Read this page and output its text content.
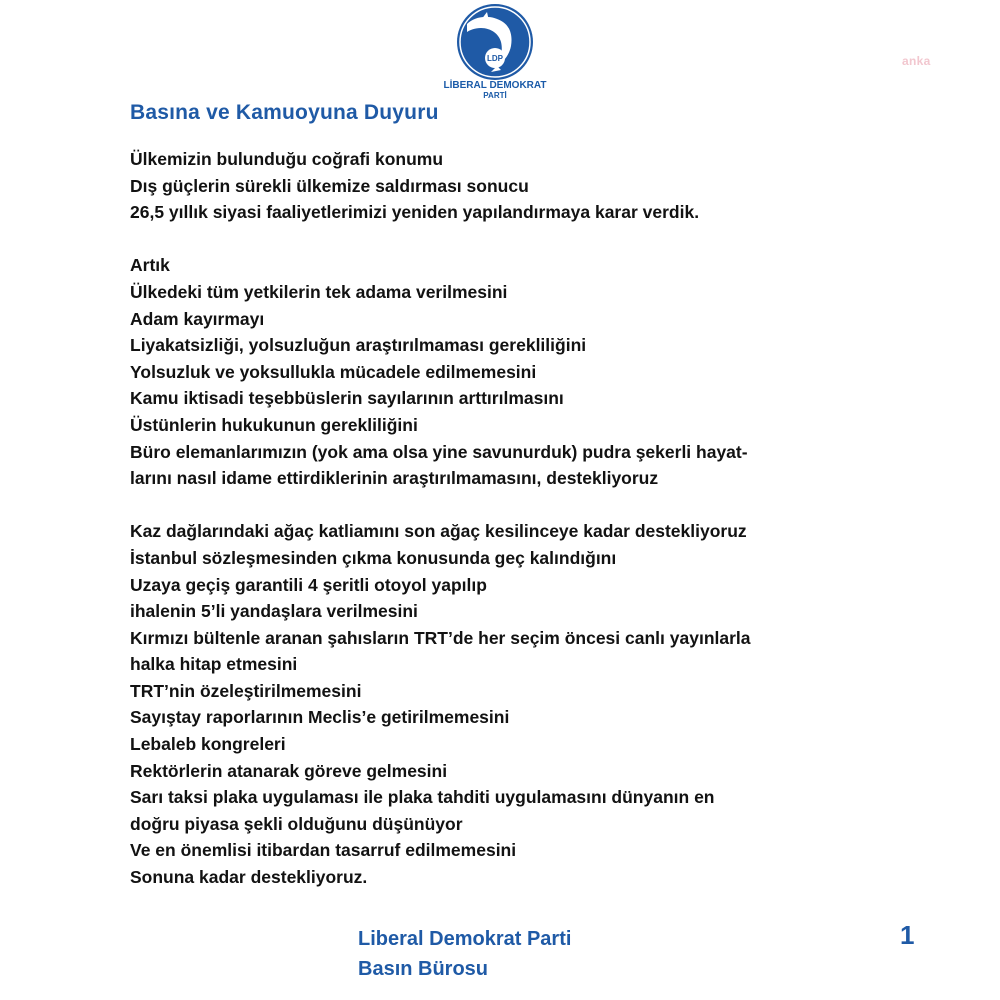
LDP
LİBERAL DEMOKRAT
PARTİ
anka
Basına ve Kamuoyuna Duyuru
Ülkemizin bulunduğu coğrafi konumu
Dış güçlerin sürekli ülkemize saldırması sonucu
26,5 yıllık siyasi faaliyetlerimizi yeniden yapılandırmaya karar verdik.
Artık
Ülkedeki tüm yetkilerin tek adama verilmesini
Adam kayırmayı
Liyakatsizliği, yolsuzluğun araştırılmaması gerekliliğini
Yolsuzluk ve yoksullukla mücadele edilmemesini
Kamu iktisadi teşebbüslerin sayılarının arttırılmasını
Üstünlerin hukukunun gerekliliğini
Büro elemanlarımızın (yok ama olsa yine savunurduk) pudra şekerli hayat-
larını nasıl idame ettirdiklerinin araştırılmamasını, destekliyoruz
Kaz dağlarındaki ağaç katliamını son ağaç kesilinceye kadar destekliyoruz
İstanbul sözleşmesinden çıkma konusunda geç kalındığını
Uzaya geçiş garantili 4 şeritli otoyol yapılıp
ihalenin 5’li yandaşlara verilmesini
Kırmızı bültenle aranan şahısların TRT’de her seçim öncesi canlı yayınlarla
halka hitap etmesini
TRT’nin özeleştirilmemesini
Sayıştay raporlarının Meclis’e getirilmemesini
Lebaleb kongreleri
Rektörlerin atanarak göreve gelmesini
Sarı taksi plaka uygulaması ile plaka tahditi uygulamasını dünyanın en
doğru piyasa şekli olduğunu düşünüyor
Ve en önemlisi itibardan tasarruf edilmemesini
Sonuna kadar destekliyoruz.
Liberal Demokrat Parti
Basın Bürosu
1
